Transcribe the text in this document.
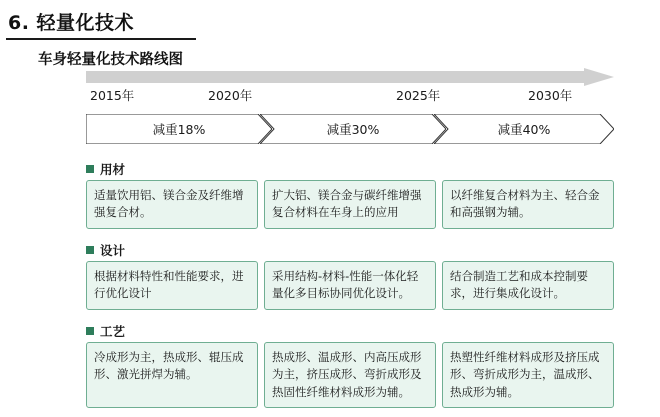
6. 轻量化技术
车身轻量化技术路线图
2015年	2020年	2025年	2030年
减重18%	减重30%	减重40%
用材
适量饮用铝、镁合金及纤维增强复合材。
扩大铝、镁合金与碳纤维增强复合材料在车身上的应用
以纤维复合材料为主、轻合金和高强钢为辅。
设计
根据材料特性和性能要求，进行优化设计
采用结构-材料-性能一体化轻量化多目标协同优化设计。
结合制造工艺和成本控制要求，进行集成化设计。
工艺
冷成形为主，热成形、辊压成形、激光拼焊为辅。
热成形、温成形、内高压成形为主，挤压成形、弯折成形及热固性纤维材料成形为辅。
热塑性纤维材料成形及挤压成形、弯折成形为主，温成形、热成形为辅。
